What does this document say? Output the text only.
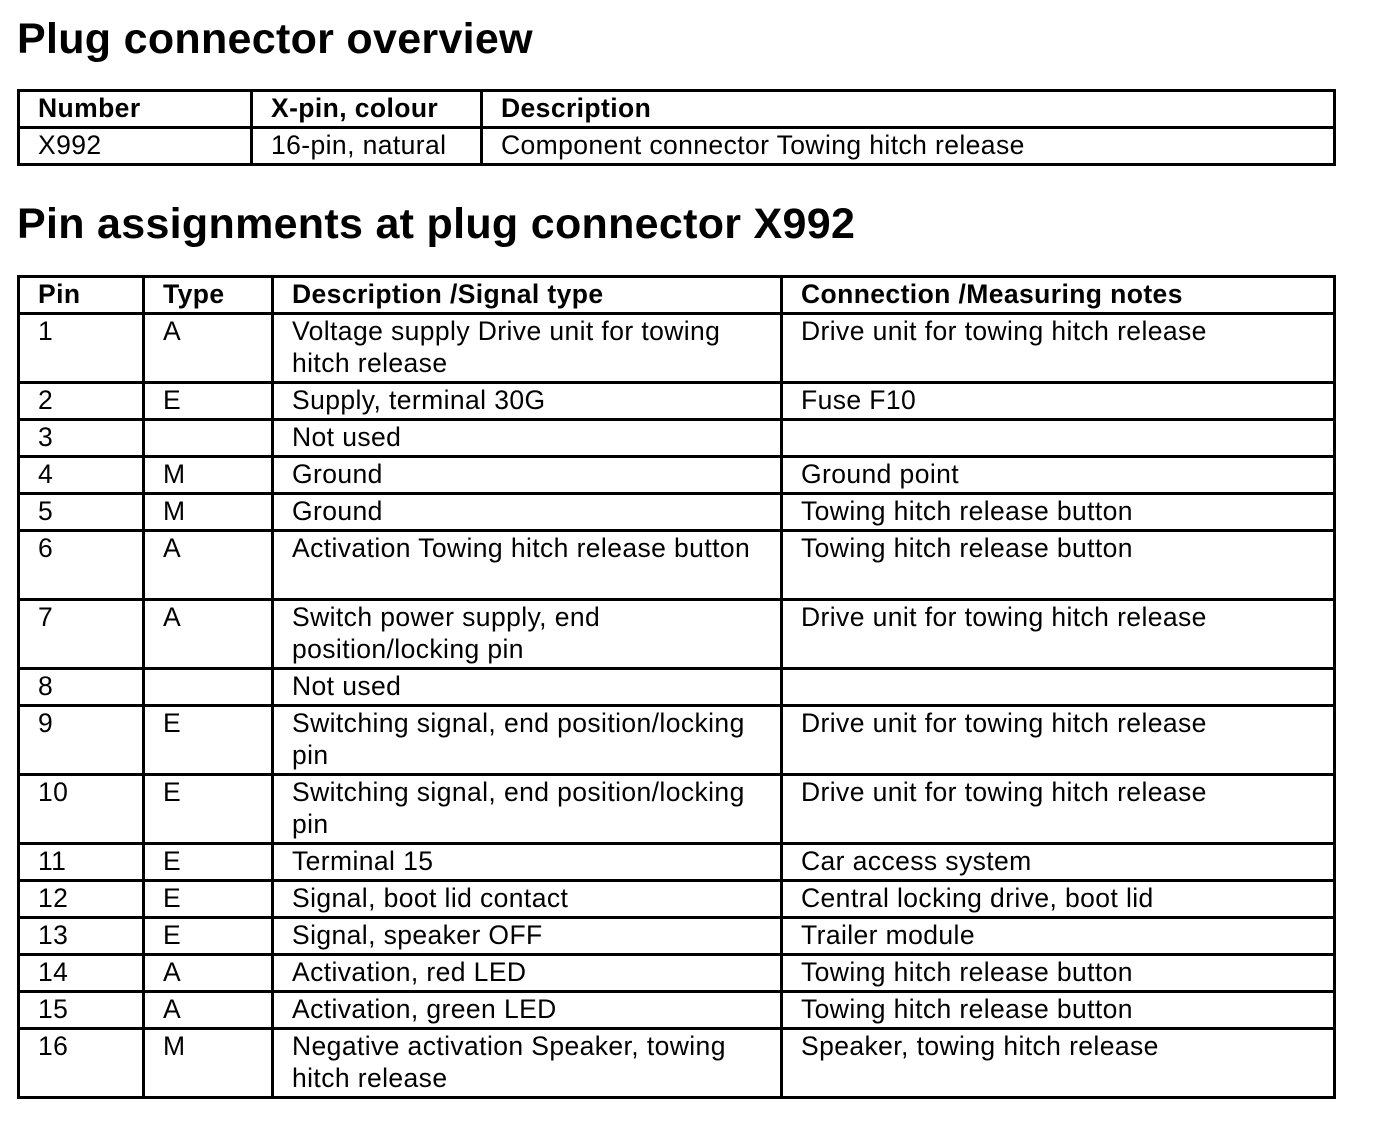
Plug connector overview
Number	X-pin, colour	Description
X992	16-pin, natural	Component connector Towing hitch release
Pin assignments at plug connector X992
Pin	Type	Description /Signal type	Connection /Measuring notes
1	A	Voltage supply Drive unit for towing hitch release	Drive unit for towing hitch release
2	E	Supply, terminal 30G	Fuse F10
3		Not used	
4	M	Ground	Ground point
5	M	Ground	Towing hitch release button
6	A	Activation Towing hitch release button	Towing hitch release button
7	A	Switch power supply, end position/locking pin	Drive unit for towing hitch release
8		Not used	
9	E	Switching signal, end position/locking pin	Drive unit for towing hitch release
10	E	Switching signal, end position/locking pin	Drive unit for towing hitch release
11	E	Terminal 15	Car access system
12	E	Signal, boot lid contact	Central locking drive, boot lid
13	E	Signal, speaker OFF	Trailer module
14	A	Activation, red LED	Towing hitch release button
15	A	Activation, green LED	Towing hitch release button
16	M	Negative activation Speaker, towing hitch release	Speaker, towing hitch release
